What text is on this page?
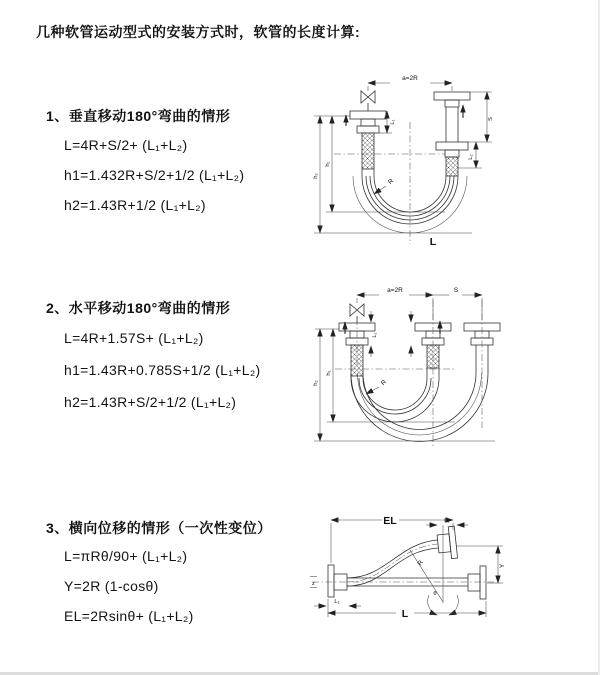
几种软管运动型式的安装方式时，软管的长度计算:
1、垂直移动180°弯曲的情形
L=4R+S/2+ (L₁+L₂)
h1=1.432R+S/2+1/2 (L₁+L₂)
h2=1.43R+1/2 (L₁+L₂)
2、水平移动180°弯曲的情形
L=4R+1.57S+ (L₁+L₂)
h1=1.43R+0.785S+1/2 (L₁+L₂)
h2=1.43R+S/2+1/2 (L₁+L₂)
3、横向位移的情形（一次性变位）
L=πRθ/90+ (L₁+L₂)
Y=2R (1-cosθ)
EL=2Rsinθ+ (L₁+L₂)
a=2R
h₁
h₂
L₁
S
L₂
R
L
a=2R	S
h₁
h₂
L₁
R
EL	L₂
z
R
θ
Y
L
L₁
